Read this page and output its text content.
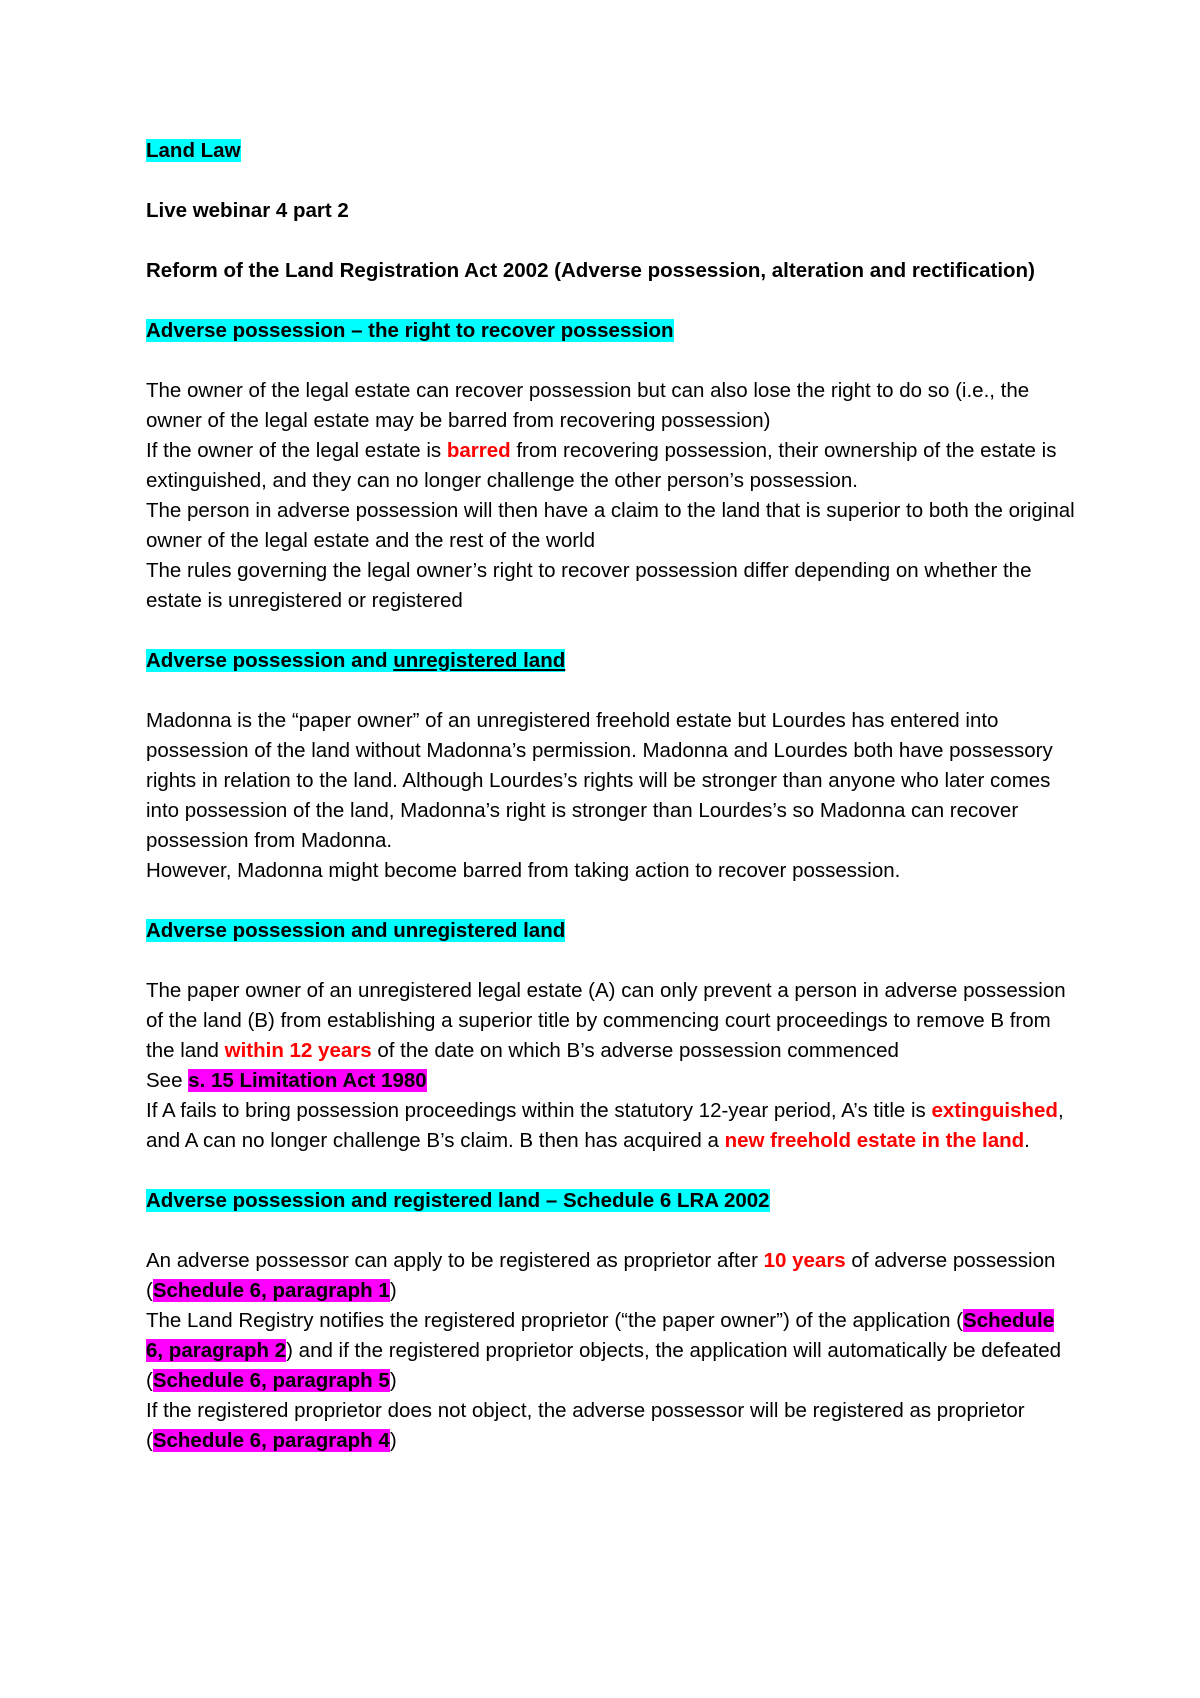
Land Law

Live webinar 4 part 2

Reform of the Land Registration Act 2002 (Adverse possession, alteration and rectification)

Adverse possession – the right to recover possession

The owner of the legal estate can recover possession but can also lose the right to do so (i.e., the owner of the legal estate may be barred from recovering possession)

If the owner of the legal estate is barred from recovering possession, their ownership of the estate is extinguished, and they can no longer challenge the other person’s possession.

The person in adverse possession will then have a claim to the land that is superior to both the original owner of the legal estate and the rest of the world

The rules governing the legal owner’s right to recover possession differ depending on whether the estate is unregistered or registered

Adverse possession and unregistered land

Madonna is the “paper owner” of an unregistered freehold estate but Lourdes has entered into possession of the land without Madonna’s permission. Madonna and Lourdes both have possessory rights in relation to the land. Although Lourdes’s rights will be stronger than anyone who later comes into possession of the land, Madonna’s right is stronger than Lourdes’s so Madonna can recover possession from Madonna.

However, Madonna might become barred from taking action to recover possession.

Adverse possession and unregistered land

The paper owner of an unregistered legal estate (A) can only prevent a person in adverse possession of the land (B) from establishing a superior title by commencing court proceedings to remove B from the land within 12 years of the date on which B’s adverse possession commenced

See s. 15 Limitation Act 1980

If A fails to bring possession proceedings within the statutory 12-year period, A’s title is extinguished, and A can no longer challenge B’s claim. B then has acquired a new freehold estate in the land.

Adverse possession and registered land – Schedule 6 LRA 2002

An adverse possessor can apply to be registered as proprietor after 10 years of adverse possession (Schedule 6, paragraph 1)

The Land Registry notifies the registered proprietor (“the paper owner”) of the application (Schedule 6, paragraph 2) and if the registered proprietor objects, the application will automatically be defeated (Schedule 6, paragraph 5)

If the registered proprietor does not object, the adverse possessor will be registered as proprietor (Schedule 6, paragraph 4)
